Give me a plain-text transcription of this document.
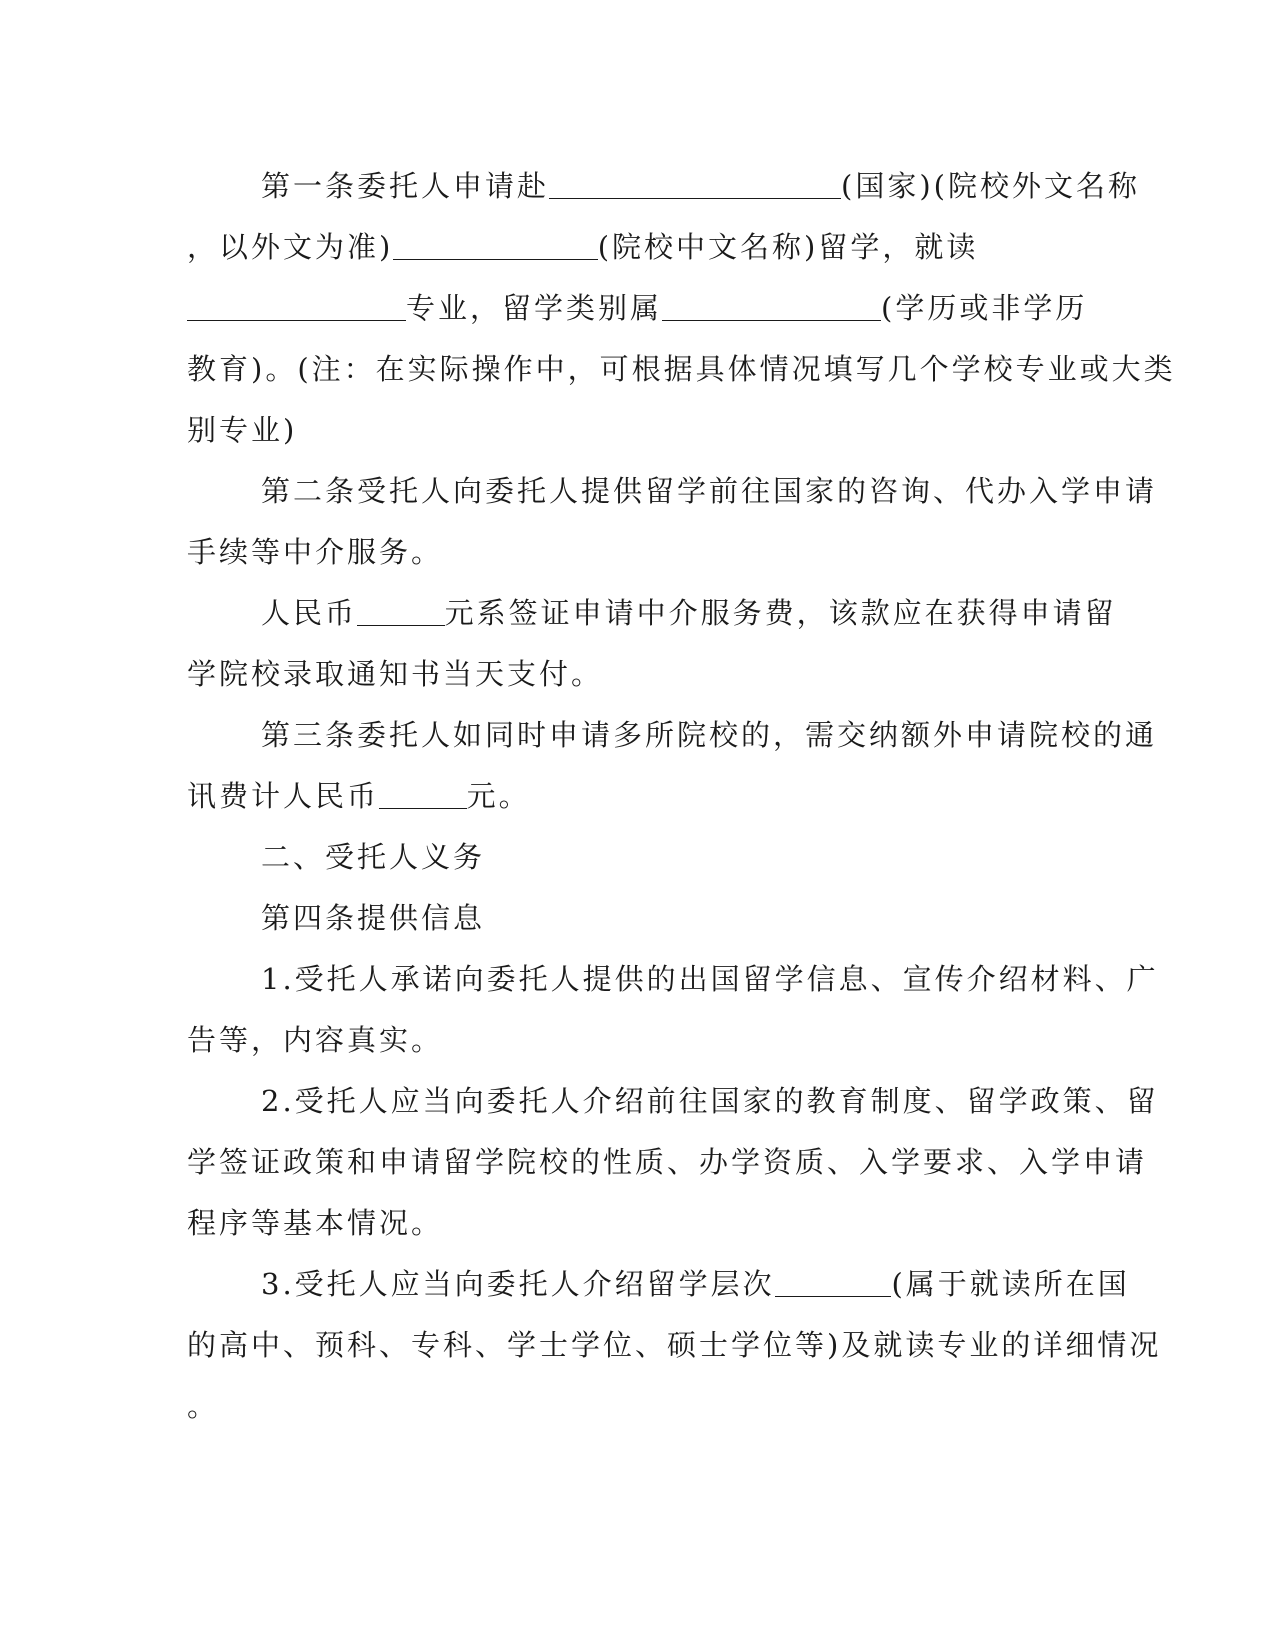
第一条委托人申请赴	(国家)(院校外文名称
，以外文为准)	(院校中文名称)留学，就读
专业，留学类别属	(学历或非学历
教育)。(注：在实际操作中，可根据具体情况填写几个学校专业或大类
别专业)
第二条受托人向委托人提供留学前往国家的咨询、代办入学申请
手续等中介服务。
人民币	元系签证申请中介服务费，该款应在获得申请留
学院校录取通知书当天支付。
第三条委托人如同时申请多所院校的，需交纳额外申请院校的通
讯费计人民币	元。
二、受托人义务
第四条提供信息
1.受托人承诺向委托人提供的出国留学信息、宣传介绍材料、广
告等，内容真实。
2.受托人应当向委托人介绍前往国家的教育制度、留学政策、留
学签证政策和申请留学院校的性质、办学资质、入学要求、入学申请
程序等基本情况。
3.受托人应当向委托人介绍留学层次	(属于就读所在国
的高中、预科、专科、学士学位、硕士学位等)及就读专业的详细情况
。
